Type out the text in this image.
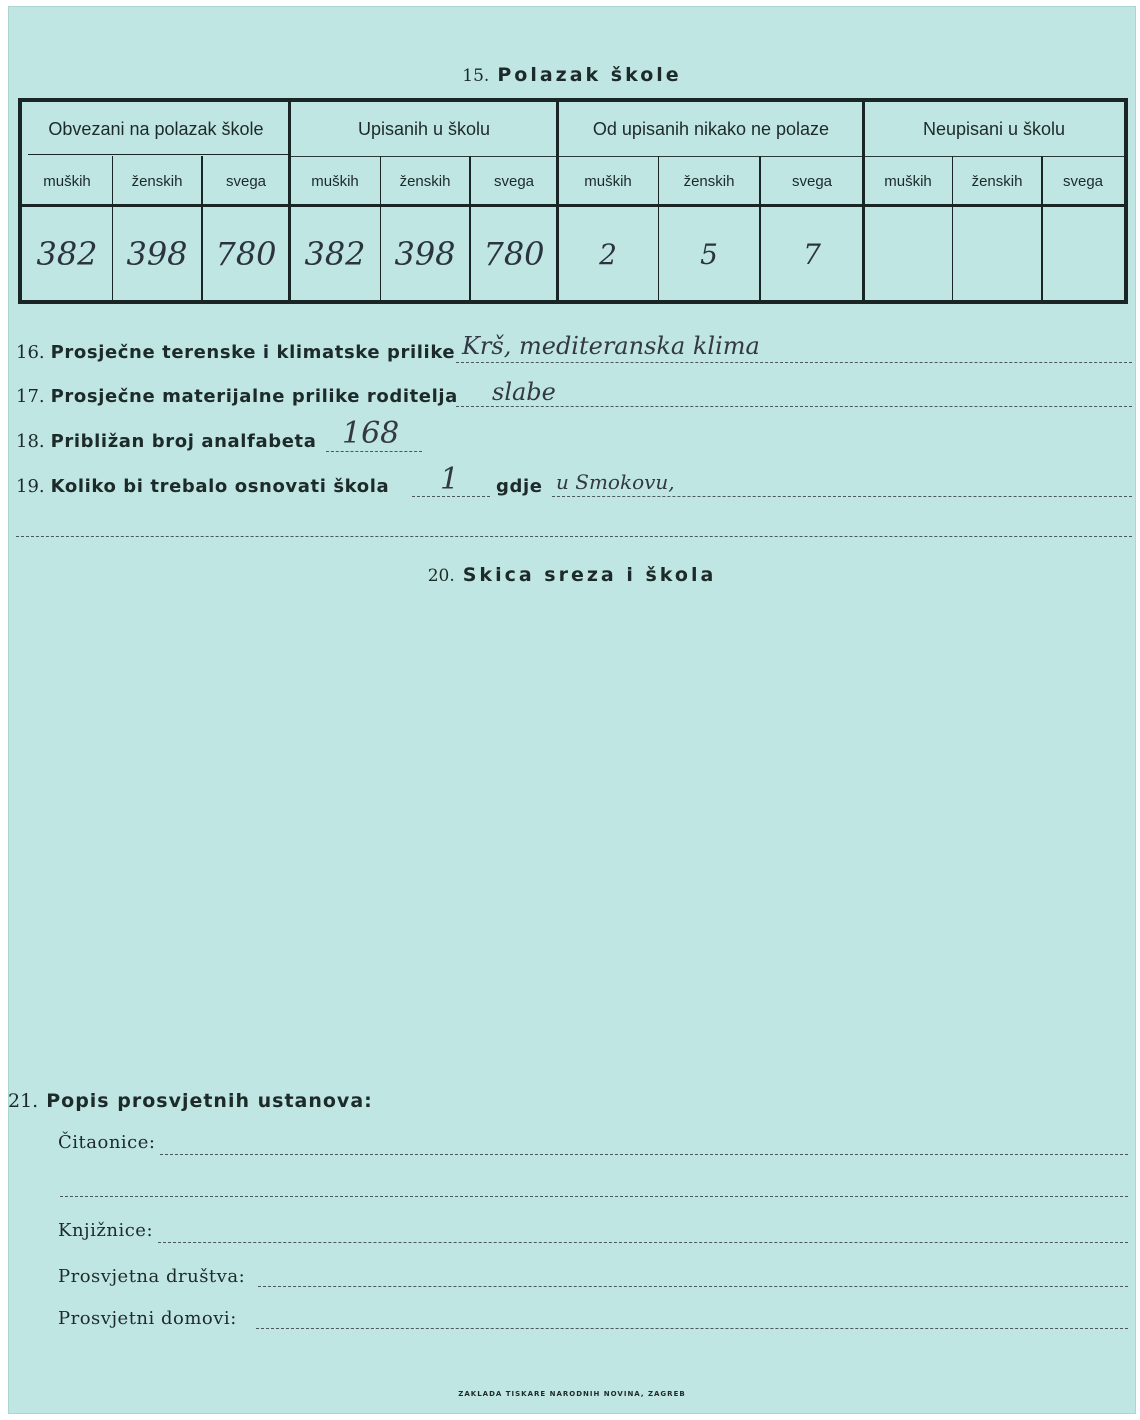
15. Polazak škole
Obvezani na polazak škole
muških	ženskih	svega
382 398 780
Upisanih u školu
muških	ženskih	svega
382 398 780
Od upisanih nikako ne polaze
muških	ženskih	svega
2	5	7
Neupisani u školu
muških	ženskih	svega
16. Prosječne terenske i klimatske prilike Krš, mediteranska klima
17. Prosječne materijalne prilike roditelja slabe
18. Približan broj analfabeta 168
19. Koliko bi trebalo osnovati škola 1 gdje u Smokovu,
20. Skica sreza i škola
21. Popis prosvjetnih ustanova:
Čitaonice:
Knjižnice:
Prosvjetna društva:
Prosvjetni domovi:
ZAKLADA TISKARE NARODNIH NOVINA, ZAGREB
